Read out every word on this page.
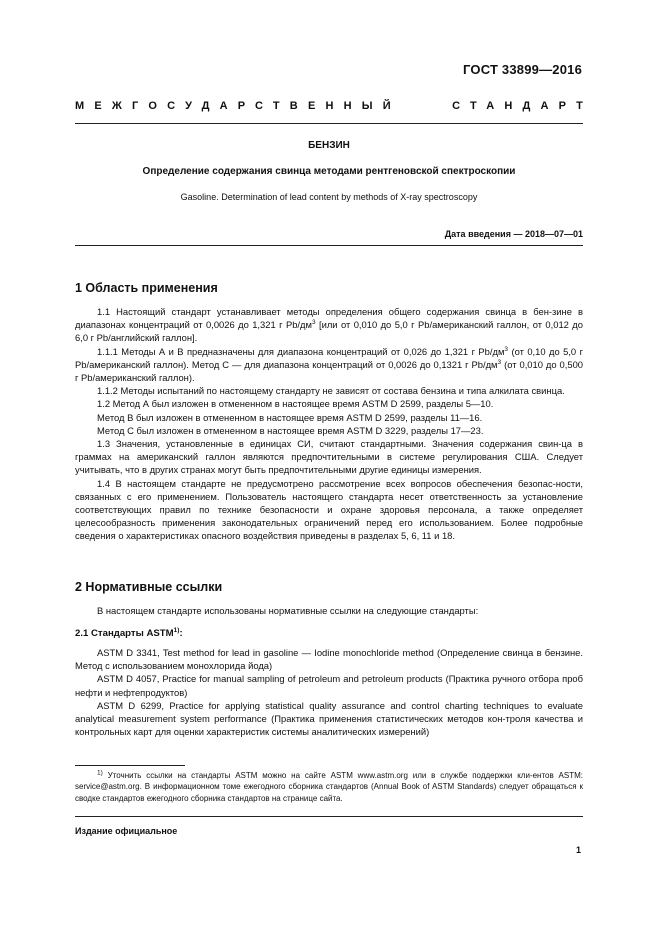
ГОСТ 33899—2016
МЕЖГОСУДАРСТВЕННЫЙ	СТАНДАРТ
БЕНЗИН
Определение содержания свинца методами рентгеновской спектроскопии
Gasoline. Determination of lead content by methods of X-ray spectroscopy
Дата введения — 2018—07—01
1 Область применения

1.1 Настоящий стандарт устанавливает методы определения общего содержания свинца в бен-зине в диапазонах концентраций от 0,0026 до 1,321 г $Pb/дм^3$ [или от 0,010 до 5,0 г Pb/американский галлон, от 0,012 до 6,0 г Pb/английский галлон].

1.1.1 Методы А и В предназначены для диапазона концентраций от 0,026 до 1,321 г $Pb/дм^3$ (от 0,10 до 5,0 г Pb/американский галлон). Метод С — для диапазона концентраций от 0,0026 до 0,1321 г $Pb/дм^3$ (от 0,010 до 0,500 г Pb/американский галлон).

1.1.2 Методы испытаний по настоящему стандарту не зависят от состава бензина и типа алкилата свинца.

1.2 Метод А был изложен в отмененном в настоящее время ASTM D 2599, разделы 5—10.

Метод В был изложен в отмененном в настоящее время ASTM D 2599, разделы 11—16.

Метод С был изложен в отмененном в настоящее время ASTM D 3229, разделы 17—23.

1.3 Значения, установленные в единицах СИ, считают стандартными. Значения содержания свин-ца в граммах на американский галлон являются предпочтительными в системе регулирования США. Следует учитывать, что в других странах могут быть предпочтительными другие единицы измерения.

1.4 В настоящем стандарте не предусмотрено рассмотрение всех вопросов обеспечения безопас-ности, связанных с его применением. Пользователь настоящего стандарта несет ответственность за установление соответствующих правил по технике безопасности и охране здоровья персонала, а также определяет целесообразность применения законодательных ограничений перед его использованием. Более подробные сведения о характеристиках опасного воздействия приведены в разделах 5, 6, 11 и 18.

2 Нормативные ссылки

В настоящем стандарте использованы нормативные ссылки на следующие стандарты:

2.1 Стандарты ASTM$^{1)}$:

ASTM D 3341, Test method for lead in gasoline — Iodine monochloride method (Определение свинца в бензине. Метод с использованием монохлорида йода)

ASTM D 4057, Practice for manual sampling of petroleum and petroleum products (Практика ручного отбора проб нефти и нефтепродуктов)

ASTM D 6299, Practice for applying statistical quality assurance and control charting techniques to evaluate analytical measurement system performance (Практика применения статистических методов кон-троля качества и контрольных карт для оценки характеристик системы аналитических измерений)

$^{1)}$ Уточнить ссылки на стандарты ASTM можно на сайте ASTM www.astm.org или в службе поддержки кли-ентов ASTM: service@astm.org. В информационном томе ежегодного сборника стандартов (Annual Book of ASTM Standards) следует обращаться к сводке стандартов ежегодного сборника стандартов на странице сайта.

Издание официальное
1
